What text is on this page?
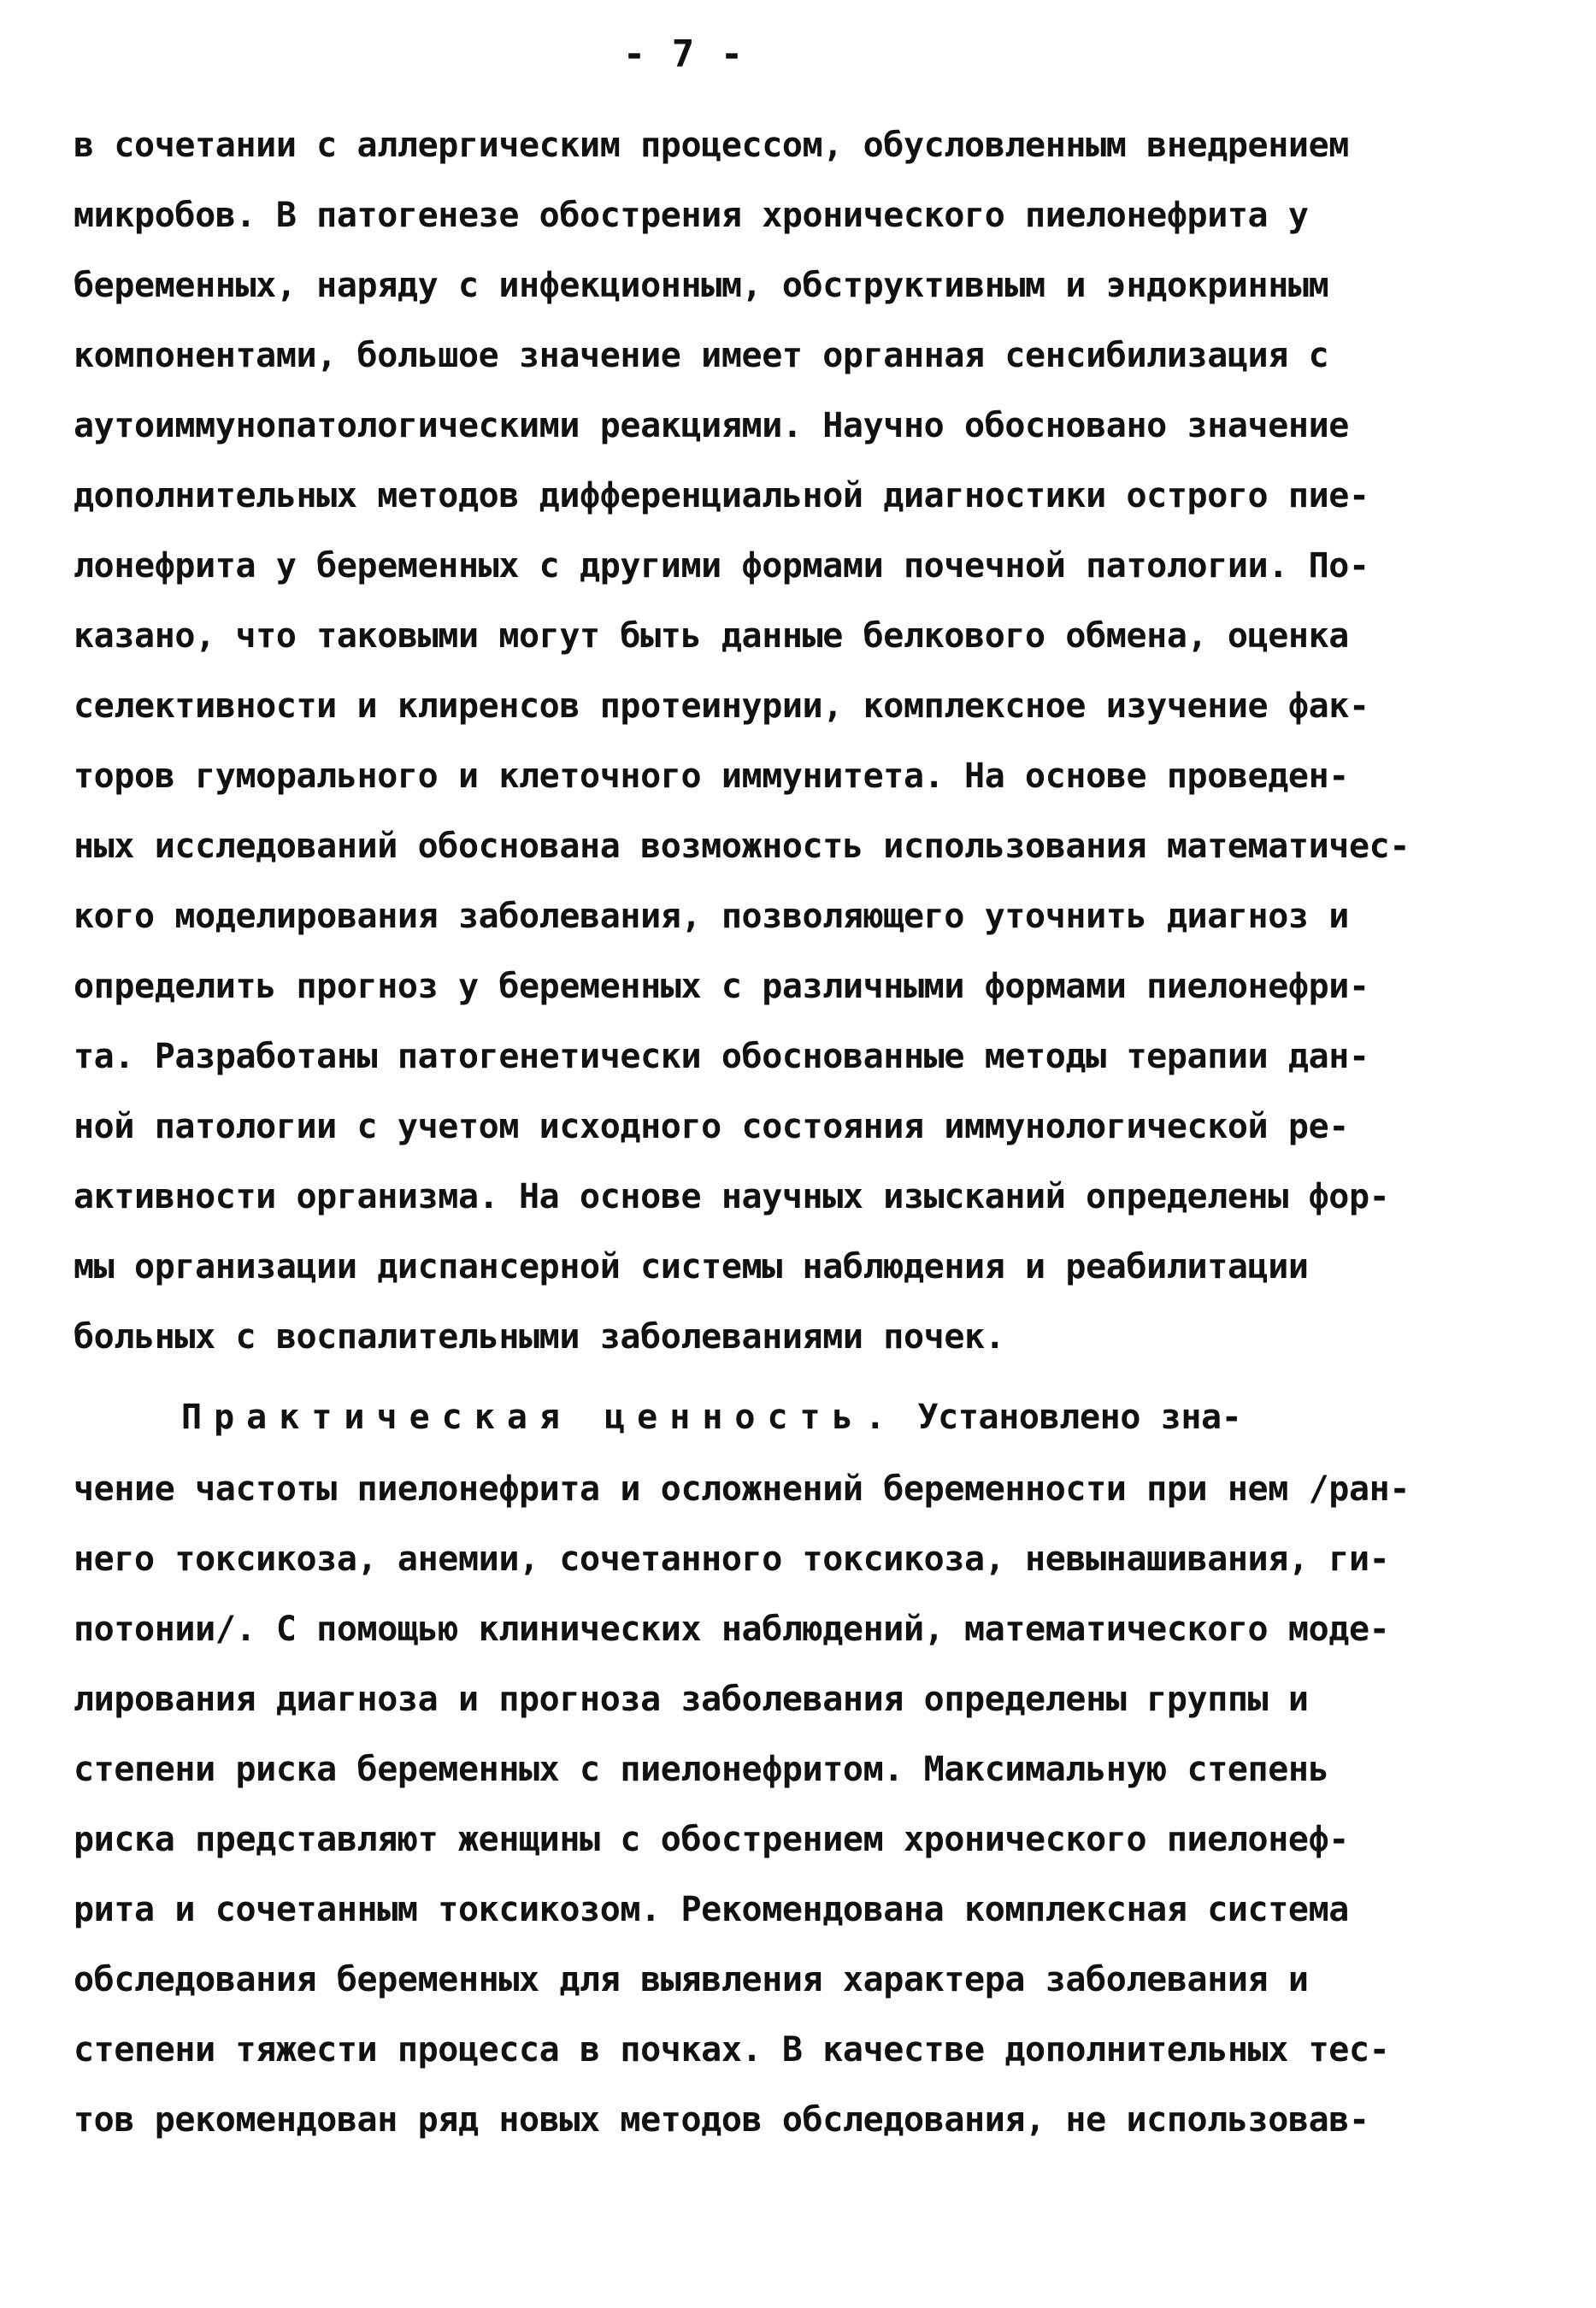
- 7 -
в сочетании с аллергическим процессом, обусловленным внедрением
микробов. В патогенезе обострения хронического пиелонефрита у
беременных, наряду с инфекционным, обструктивным и эндокринным
компонентами, большое значение имеет органная сенсибилизация с
аутоиммунопатологическими реакциями. Научно обосновано значение
дополнительных методов дифференциальной диагностики острого пие-
лонефрита у беременных с другими формами почечной патологии. По-
казано, что таковыми могут быть данные белкового обмена, оценка
селективности и клиренсов протеинурии, комплексное изучение фак-
торов гуморального и клеточного иммунитета. На основе проведен-
ных исследований обоснована возможность использования математичес-
кого моделирования заболевания, позволяющего уточнить диагноз и
определить прогноз у беременных с различными формами пиелонефри-
та. Разработаны патогенетически обоснованные методы терапии дан-
ной патологии с учетом исходного состояния иммунологической ре-
активности организма. На основе научных изысканий определены фор-
мы организации диспансерной системы наблюдения и реабилитации
больных с воспалительными заболеваниями почек.
Практическая ценность. Установлено зна-
чение частоты пиелонефрита и осложнений беременности при нем /ран-
него токсикоза, анемии, сочетанного токсикоза, невынашивания, ги-
потонии/. С помощью клинических наблюдений, математического моде-
лирования диагноза и прогноза заболевания определены группы и
степени риска беременных с пиелонефритом. Максимальную степень
риска представляют женщины с обострением хронического пиелонеф-
рита и сочетанным токсикозом. Рекомендована комплексная система
обследования беременных для выявления характера заболевания и
степени тяжести процесса в почках. В качестве дополнительных тес-
тов рекомендован ряд новых методов обследования, не использовав-
